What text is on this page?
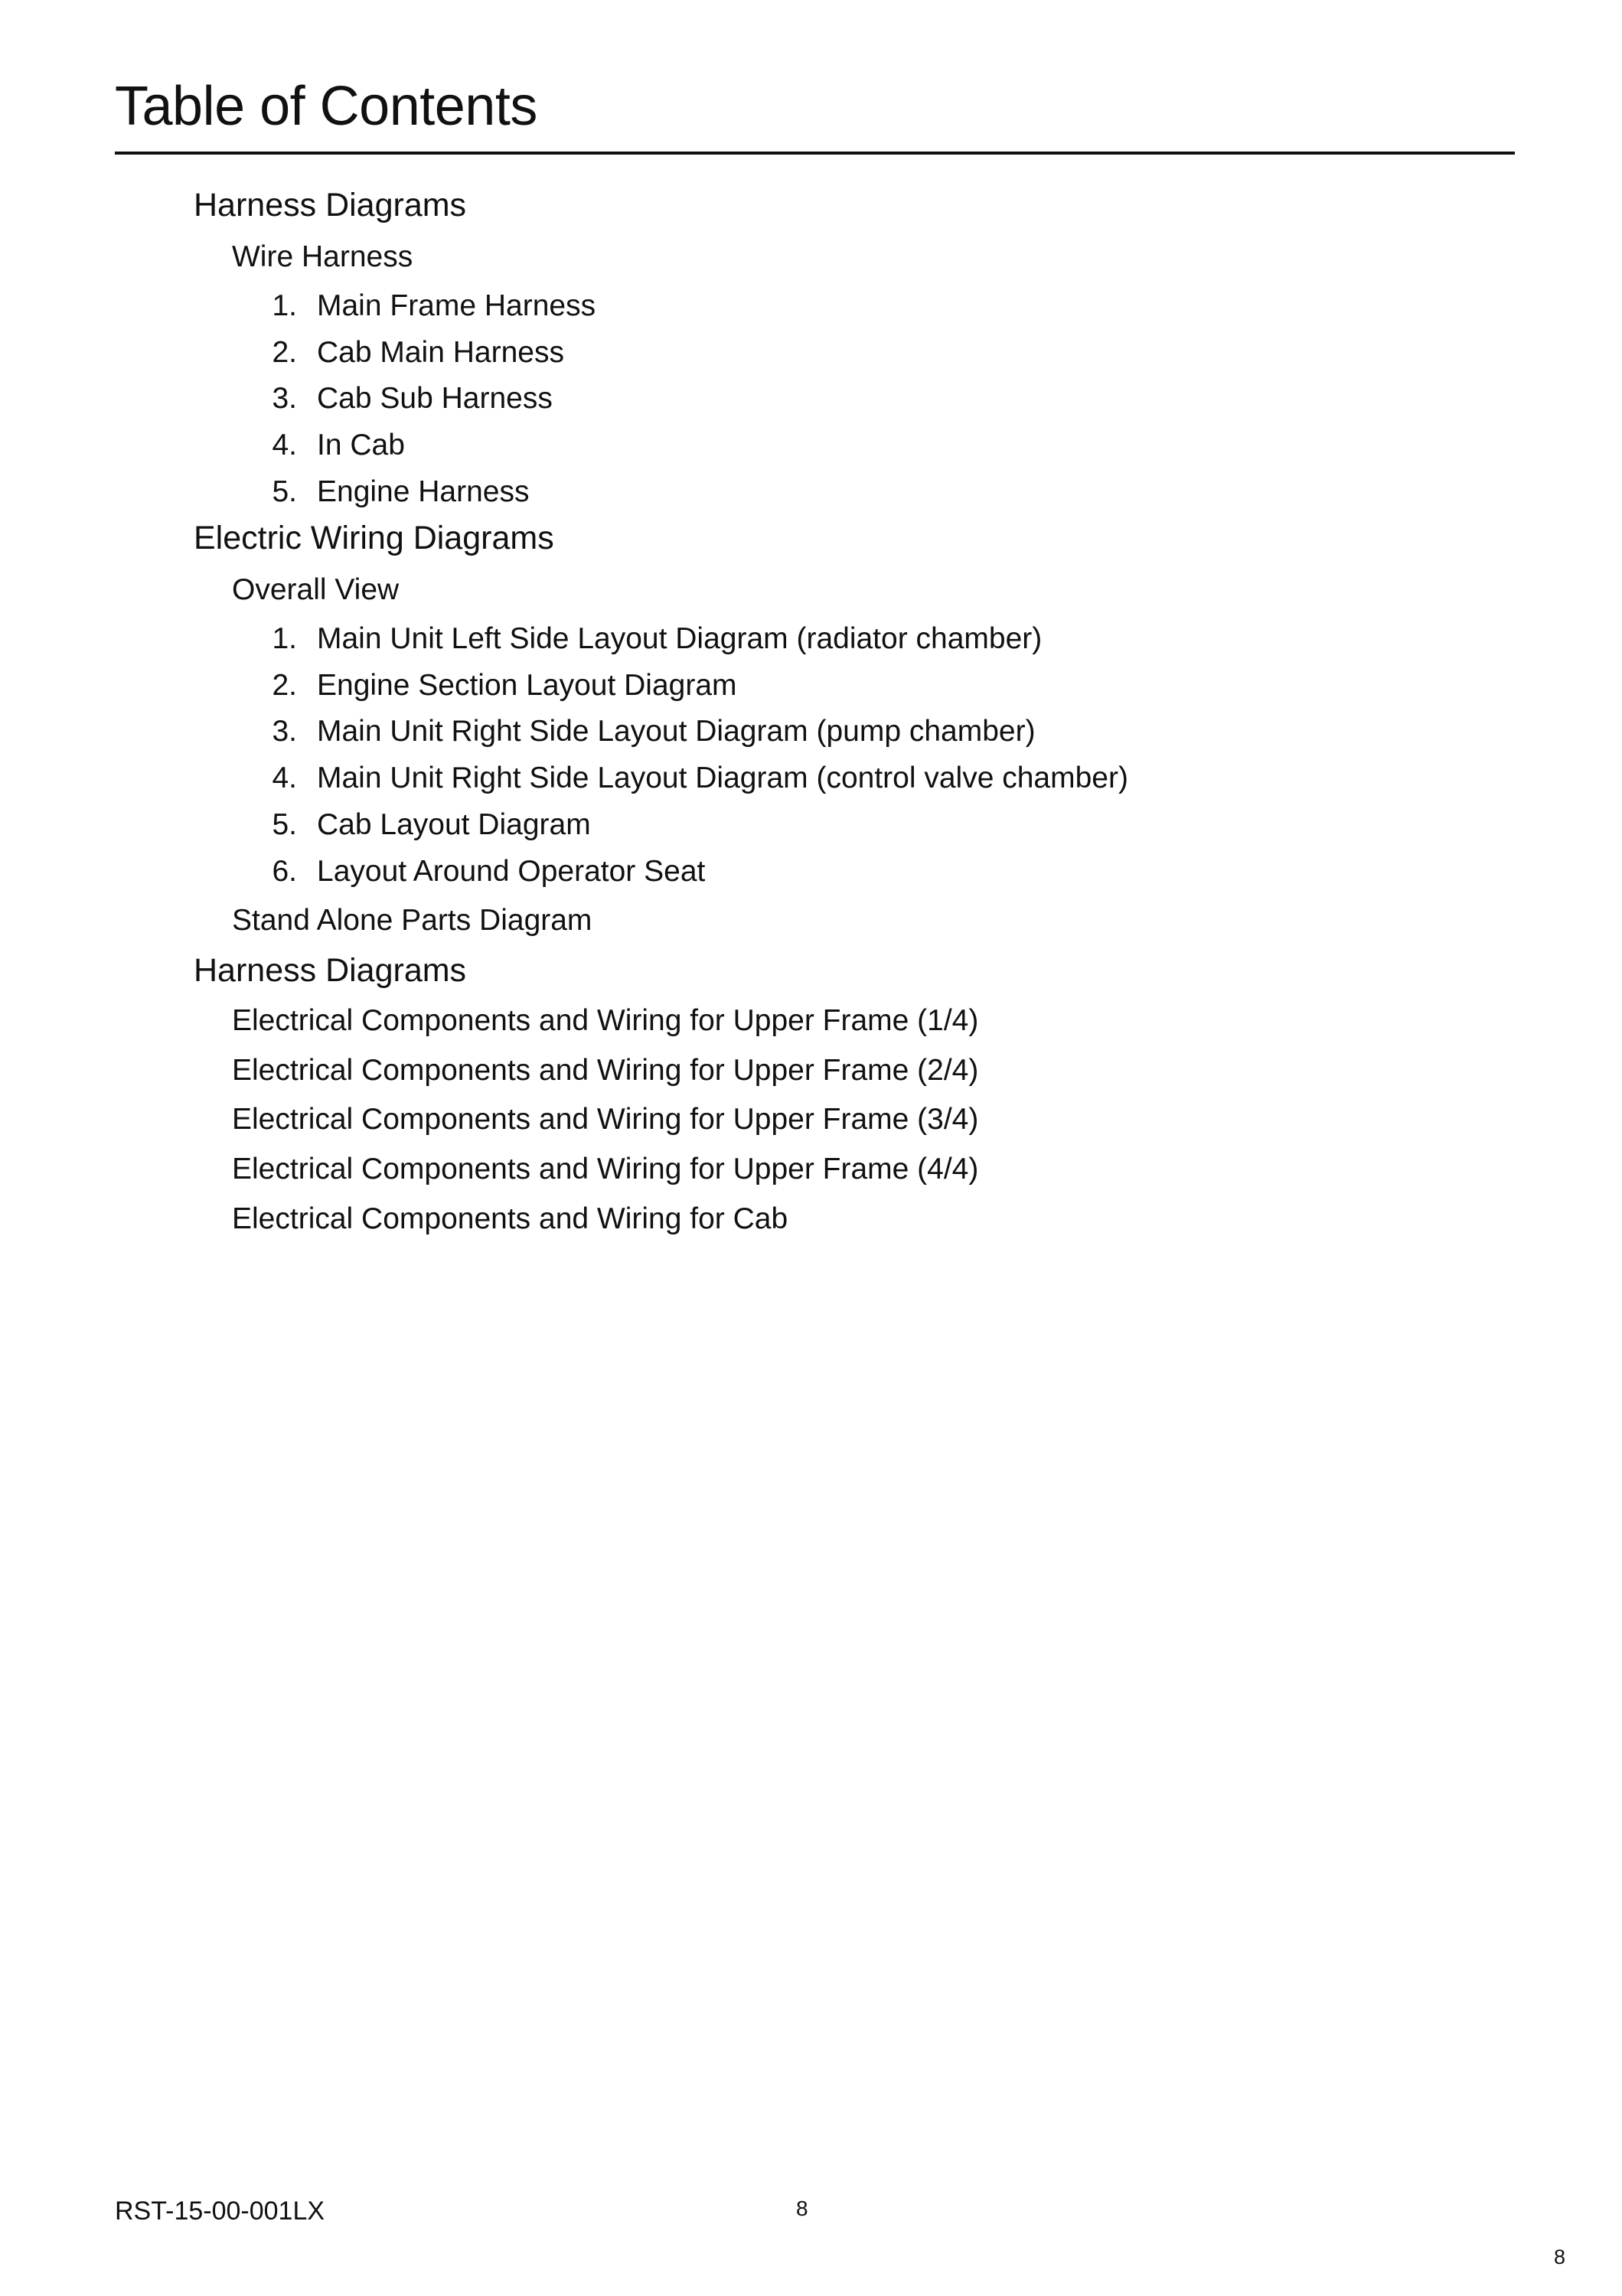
Table of Contents
Harness Diagrams
Wire Harness
1. Main Frame Harness
2. Cab Main Harness
3. Cab Sub Harness
4. In Cab
5. Engine Harness
Electric Wiring Diagrams
Overall View
1. Main Unit Left Side Layout Diagram (radiator chamber)
2. Engine Section Layout Diagram
3. Main Unit Right Side Layout Diagram (pump chamber)
4. Main Unit Right Side Layout Diagram (control valve chamber)
5. Cab Layout Diagram
6. Layout Around Operator Seat
Stand Alone Parts Diagram
Harness Diagrams
Electrical Components and Wiring for Upper Frame (1/4)
Electrical Components and Wiring for Upper Frame (2/4)
Electrical Components and Wiring for Upper Frame (3/4)
Electrical Components and Wiring for Upper Frame (4/4)
Electrical Components and Wiring for Cab
RST-15-00-001LX	8
8
